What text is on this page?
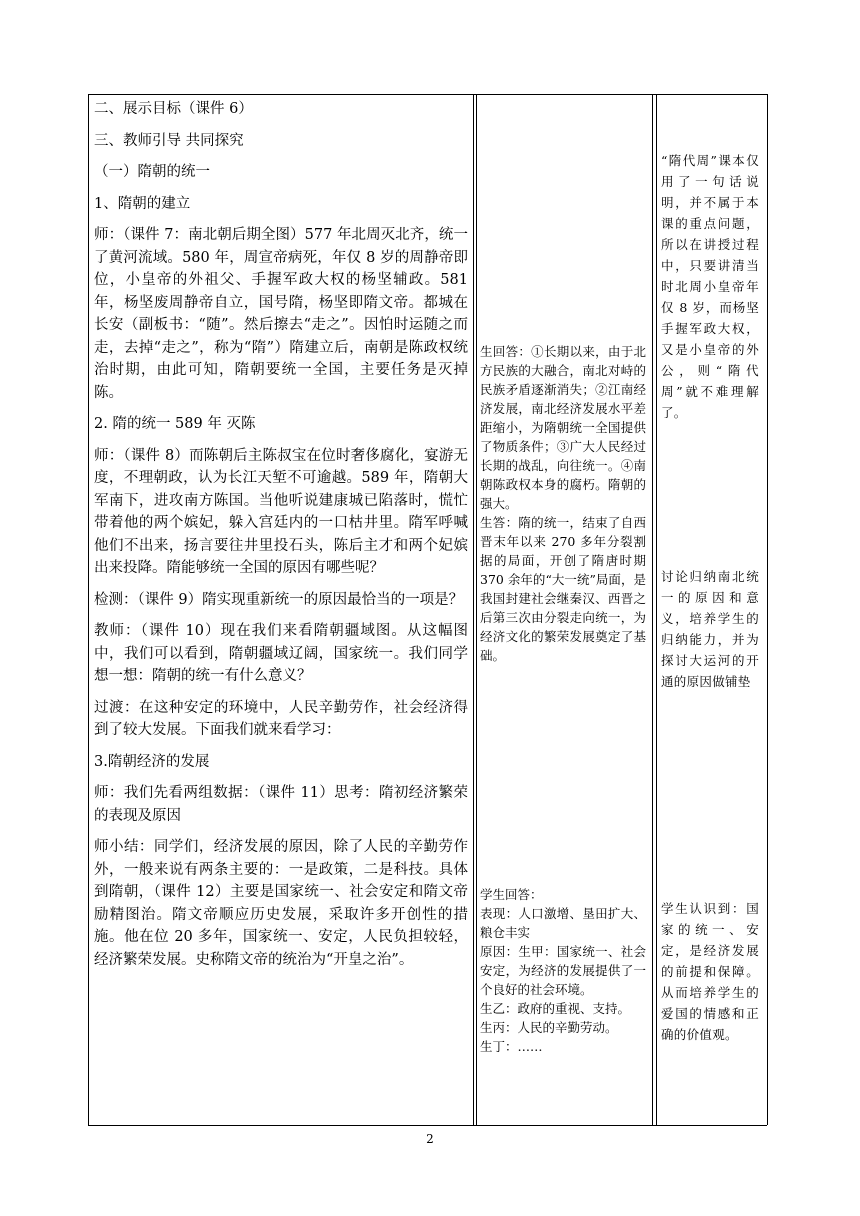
二、展示目标（课件 6）

三、教师引导 共同探究

（一）隋朝的统一

1、隋朝的建立

师：（课件 7：南北朝后期全图）577 年北周灭北齐，统一了黄河流域。580 年，周宣帝病死，年仅 8 岁的周静帝即位，小皇帝的外祖父、手握军政大权的杨坚辅政。581 年，杨坚废周静帝自立，国号隋，杨坚即隋文帝。都城在长安（副板书：“随”。然后擦去“走之”。因怕时运随之而走，去掉“走之”，称为“隋”）隋建立后，南朝是陈政权统治时期，由此可知，隋朝要统一全国，主要任务是灭掉陈。

2. 隋的统一 589 年 灭陈

师：（课件 8）而陈朝后主陈叔宝在位时奢侈腐化，宴游无度，不理朝政，认为长江天堑不可逾越。589 年，隋朝大军南下，进攻南方陈国。当他听说建康城已陷落时，慌忙带着他的两个嫔妃，躲入宫廷内的一口枯井里。隋军呼喊他们不出来，扬言要往井里投石头，陈后主才和两个妃嫔出来投降。隋能够统一全国的原因有哪些呢？

检测：（课件 9）隋实现重新统一的原因最恰当的一项是？

教师：（课件 10）现在我们来看隋朝疆域图。从这幅图中，我们可以看到，隋朝疆域辽阔，国家统一。我们同学想一想：隋朝的统一有什么意义？

过渡：在这种安定的环境中，人民辛勤劳作，社会经济得到了较大发展。下面我们就来看学习：

3.隋朝经济的发展

师：我们先看两组数据：（课件 11）思考：隋初经济繁荣的表现及原因

师小结：同学们，经济发展的原因，除了人民的辛勤劳作外，一般来说有两条主要的：一是政策，二是科技。具体到隋朝，（课件 12）主要是国家统一、社会安定和隋文帝励精图治。隋文帝顺应历史发展，采取许多开创性的措施。他在位 20 多年，国家统一、安定，人民负担较轻，经济繁荣发展。史称隋文帝的统治为“开皇之治”。

生回答：①长期以来，由于北方民族的大融合，南北对峙的民族矛盾逐渐消失；②江南经济发展，南北经济发展水平差距缩小，为隋朝统一全国提供了物质条件；③广大人民经过长期的战乱，向往统一。④南朝陈政权本身的腐朽。隋朝的强大。

生答：隋的统一，结束了自西晋末年以来 270 多年分裂割据的局面，开创了隋唐时期 370 余年的“大一统”局面，是我国封建社会继秦汉、西晋之后第三次由分裂走向统一，为经济文化的繁荣发展奠定了基础。

学生回答：

表现：人口激增、垦田扩大、粮仓丰实

原因：生甲：国家统一、社会安定，为经济的发展提供了一个良好的社会环境。

生乙：政府的重视、支持。

生丙：人民的辛勤劳动。

生丁：……

“隋代周”课本仅用了一句话说明，并不属于本课的重点问题，所以在讲授过程中，只要讲清当时北周小皇帝年仅 8 岁，而杨坚手握军政大权，又是小皇帝的外公，则“隋代周”就不难理解了。

讨论归纳南北统一的原因和意义，培养学生的归纳能力，并为探讨大运河的开通的原因做铺垫

学生认识到：国家的统一、安定，是经济发展的前提和保障。从而培养学生的爱国的情感和正确的价值观。

2
